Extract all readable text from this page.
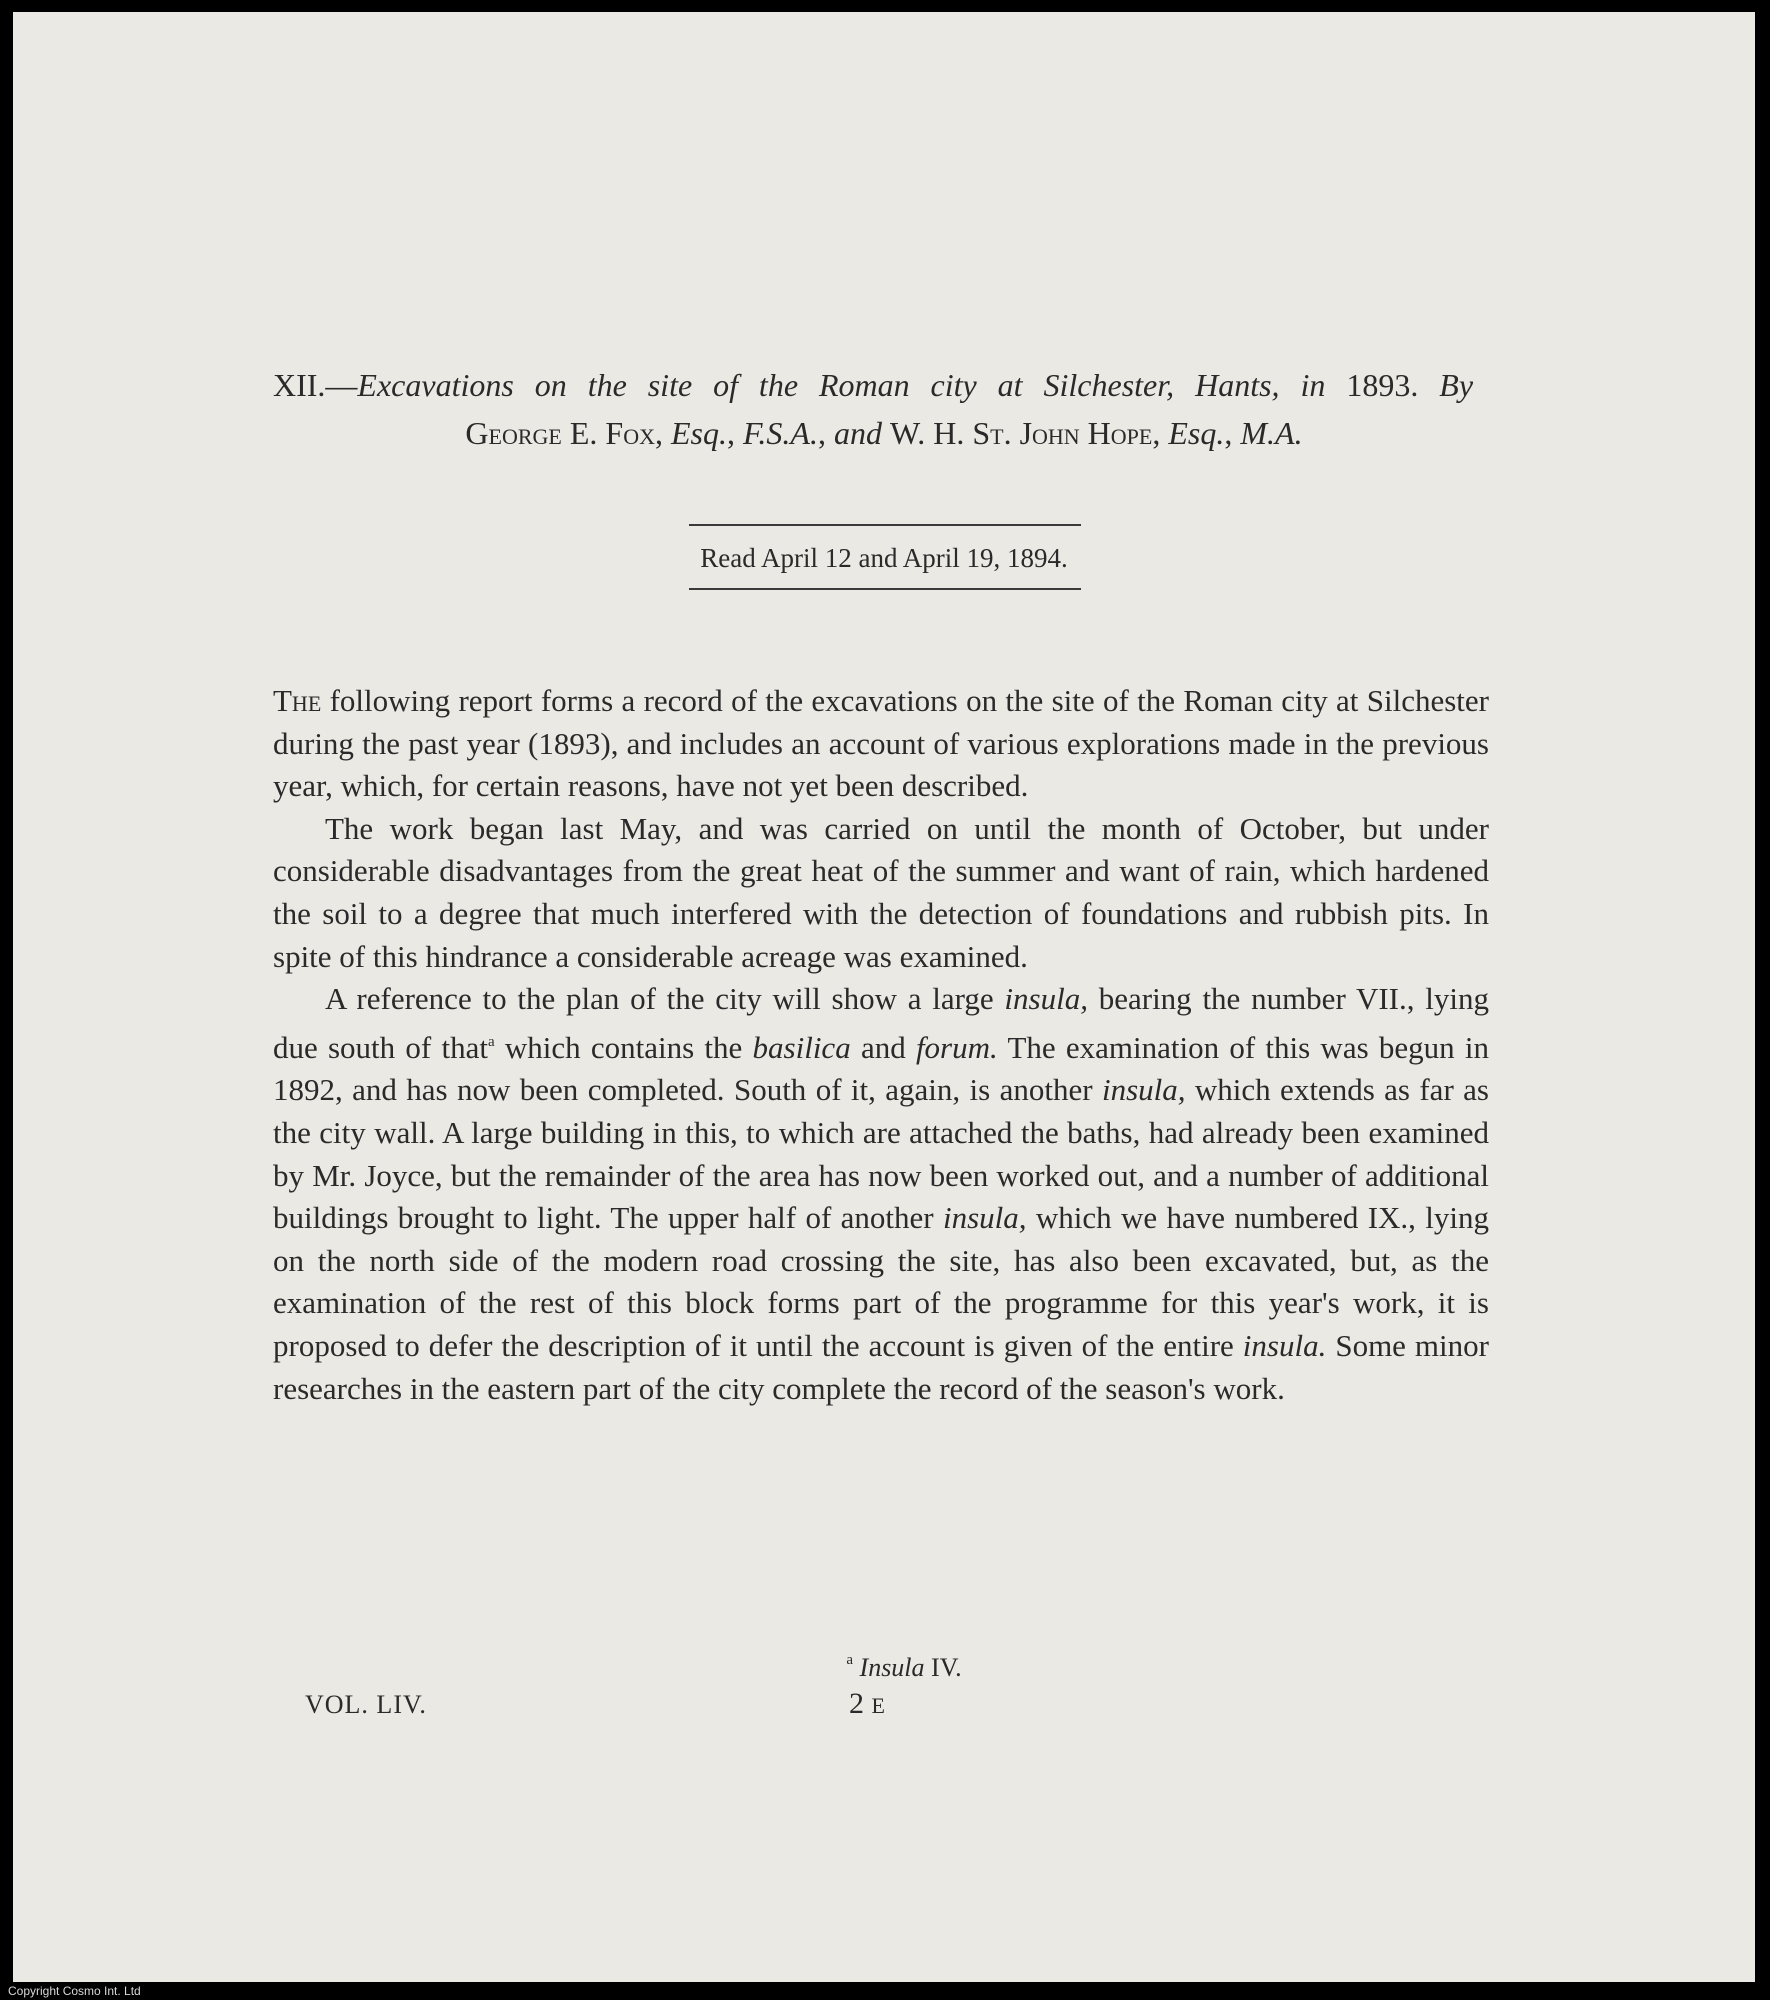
XII.—Excavations on the site of the Roman city at Silchester, Hants, in 1893. By
George E. Fox, Esq., F.S.A., and W. H. St. John Hope, Esq., M.A.
Read April 12 and April 19, 1894.

The following report forms a record of the excavations on the site of the Roman city at Silchester during the past year (1893), and includes an account of various explorations made in the previous year, which, for certain reasons, have not yet been described.

The work began last May, and was carried on until the month of October, but under considerable disadvantages from the great heat of the summer and want of rain, which hardened the soil to a degree that much interfered with the detection of foundations and rubbish pits. In spite of this hindrance a considerable acreage was examined.

A reference to the plan of the city will show a large insula, bearing the number VII., lying due south of that$^a$ which contains the basilica and forum. The examination of this was begun in 1892, and has now been completed. South of it, again, is another insula, which extends as far as the city wall. A large building in this, to which are attached the baths, had already been examined by Mr. Joyce, but the remainder of the area has now been worked out, and a number of additional buildings brought to light. The upper half of another insula, which we have numbered IX., lying on the north side of the modern road crossing the site, has also been excavated, but, as the examination of the rest of this block forms part of the programme for this year's work, it is proposed to defer the description of it until the account is given of the entire insula. Some minor researches in the eastern part of the city complete the record of the season's work.

$^a$ Insula IV.
VOL. LIV.	2 E
Copyright Cosmo Int. Ltd
